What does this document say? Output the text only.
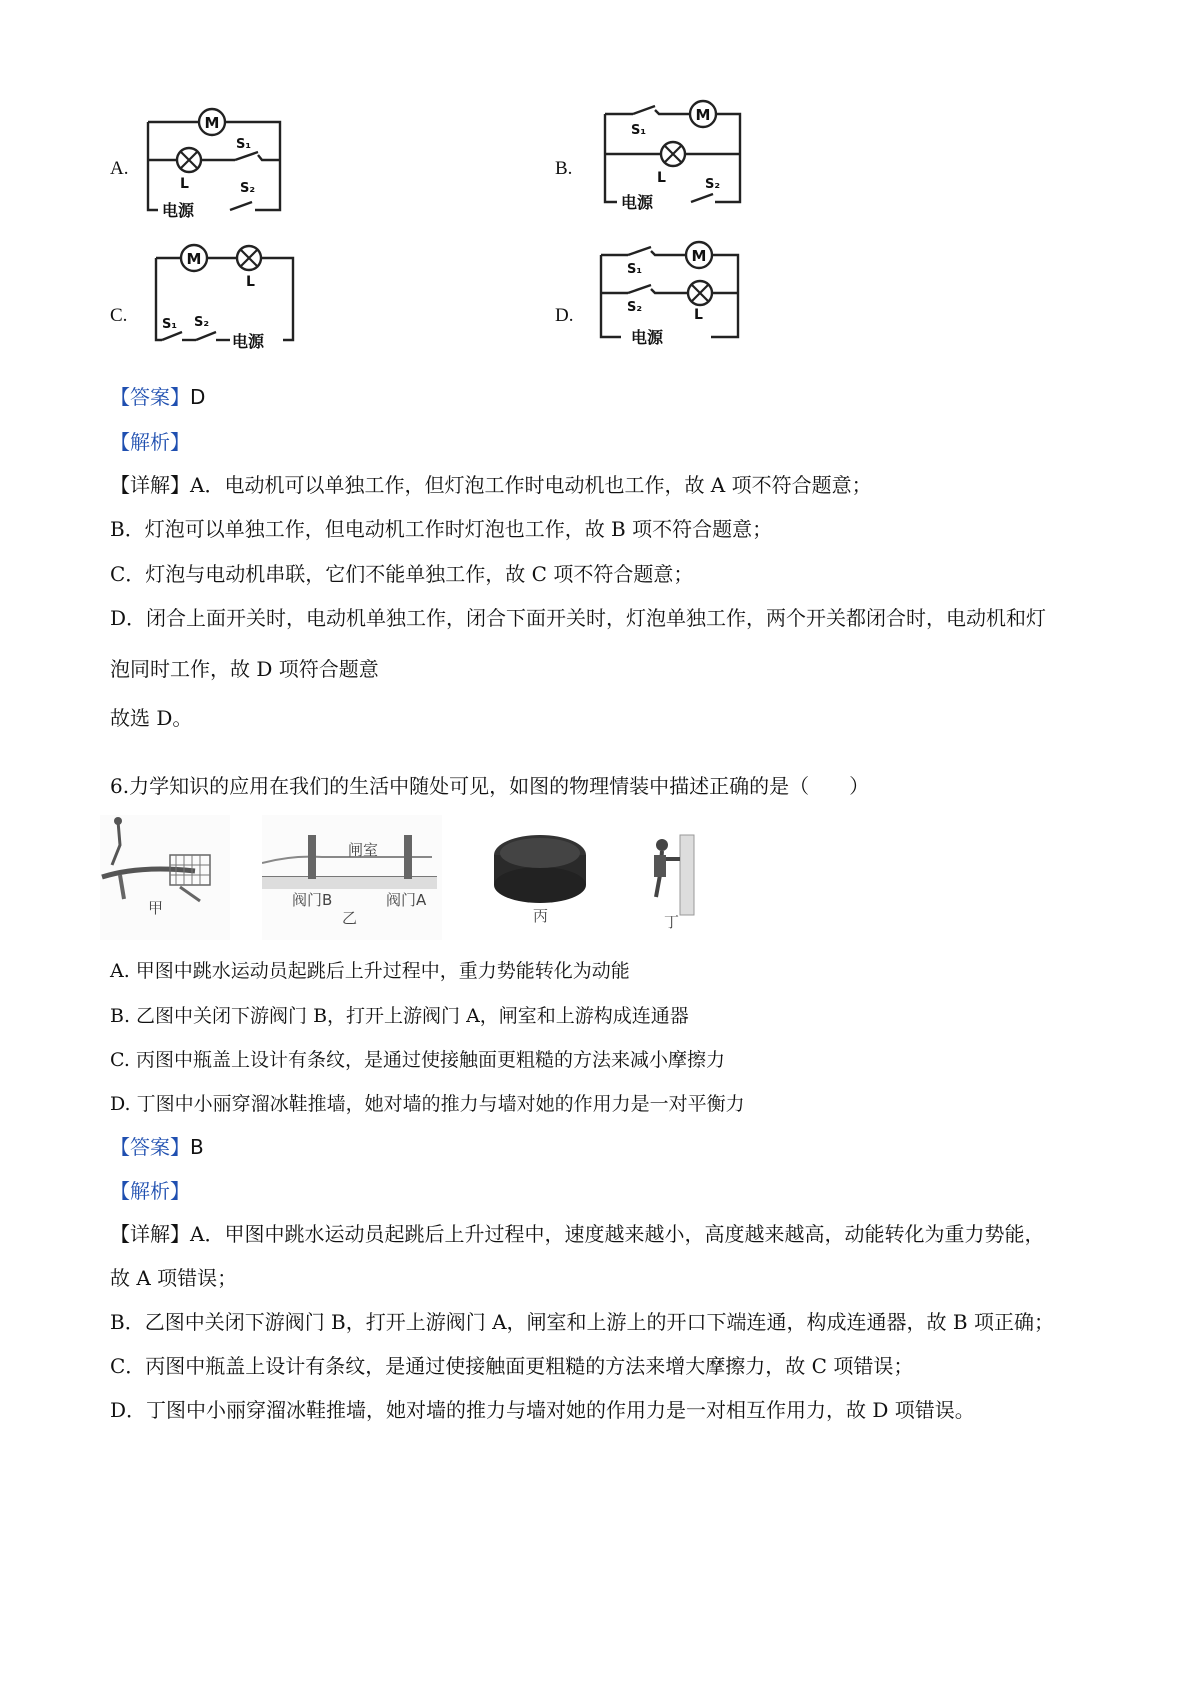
A.	B.
C.	D.
M
L
S₁
S₂
电源
S₁
M
L	S₂
电源
M
L
S₁ S₂
电源
S₁
M
S₂	L
电源
【答案】D
【解析】
【详解】A．电动机可以单独工作，但灯泡工作时电动机也工作，故 A 项不符合题意；
B．灯泡可以单独工作，但电动机工作时灯泡也工作，故 B 项不符合题意；
C．灯泡与电动机串联，它们不能单独工作，故 C 项不符合题意；
D．闭合上面开关时，电动机单独工作，闭合下面开关时，灯泡单独工作，两个开关都闭合时，电动机和灯
泡同时工作，故 D 项符合题意
故选 D。
6.力学知识的应用在我们的生活中随处可见，如图的物理情装中描述正确的是（　　）
甲
闸室
阀门B	阀门A
乙	丙	丁
A. 甲图中跳水运动员起跳后上升过程中，重力势能转化为动能
B. 乙图中关闭下游阀门 B，打开上游阀门 A，闸室和上游构成连通器
C. 丙图中瓶盖上设计有条纹，是通过使接触面更粗糙的方法来减小摩擦力
D. 丁图中小丽穿溜冰鞋推墙，她对墙的推力与墙对她的作用力是一对平衡力
【答案】B
【解析】
【详解】A．甲图中跳水运动员起跳后上升过程中，速度越来越小，高度越来越高，动能转化为重力势能，
故 A 项错误；
B．乙图中关闭下游阀门 B，打开上游阀门 A，闸室和上游上的开口下端连通，构成连通器，故 B 项正确；
C．丙图中瓶盖上设计有条纹，是通过使接触面更粗糙的方法来增大摩擦力，故 C 项错误；
D．丁图中小丽穿溜冰鞋推墙，她对墙的推力与墙对她的作用力是一对相互作用力，故 D 项错误。
